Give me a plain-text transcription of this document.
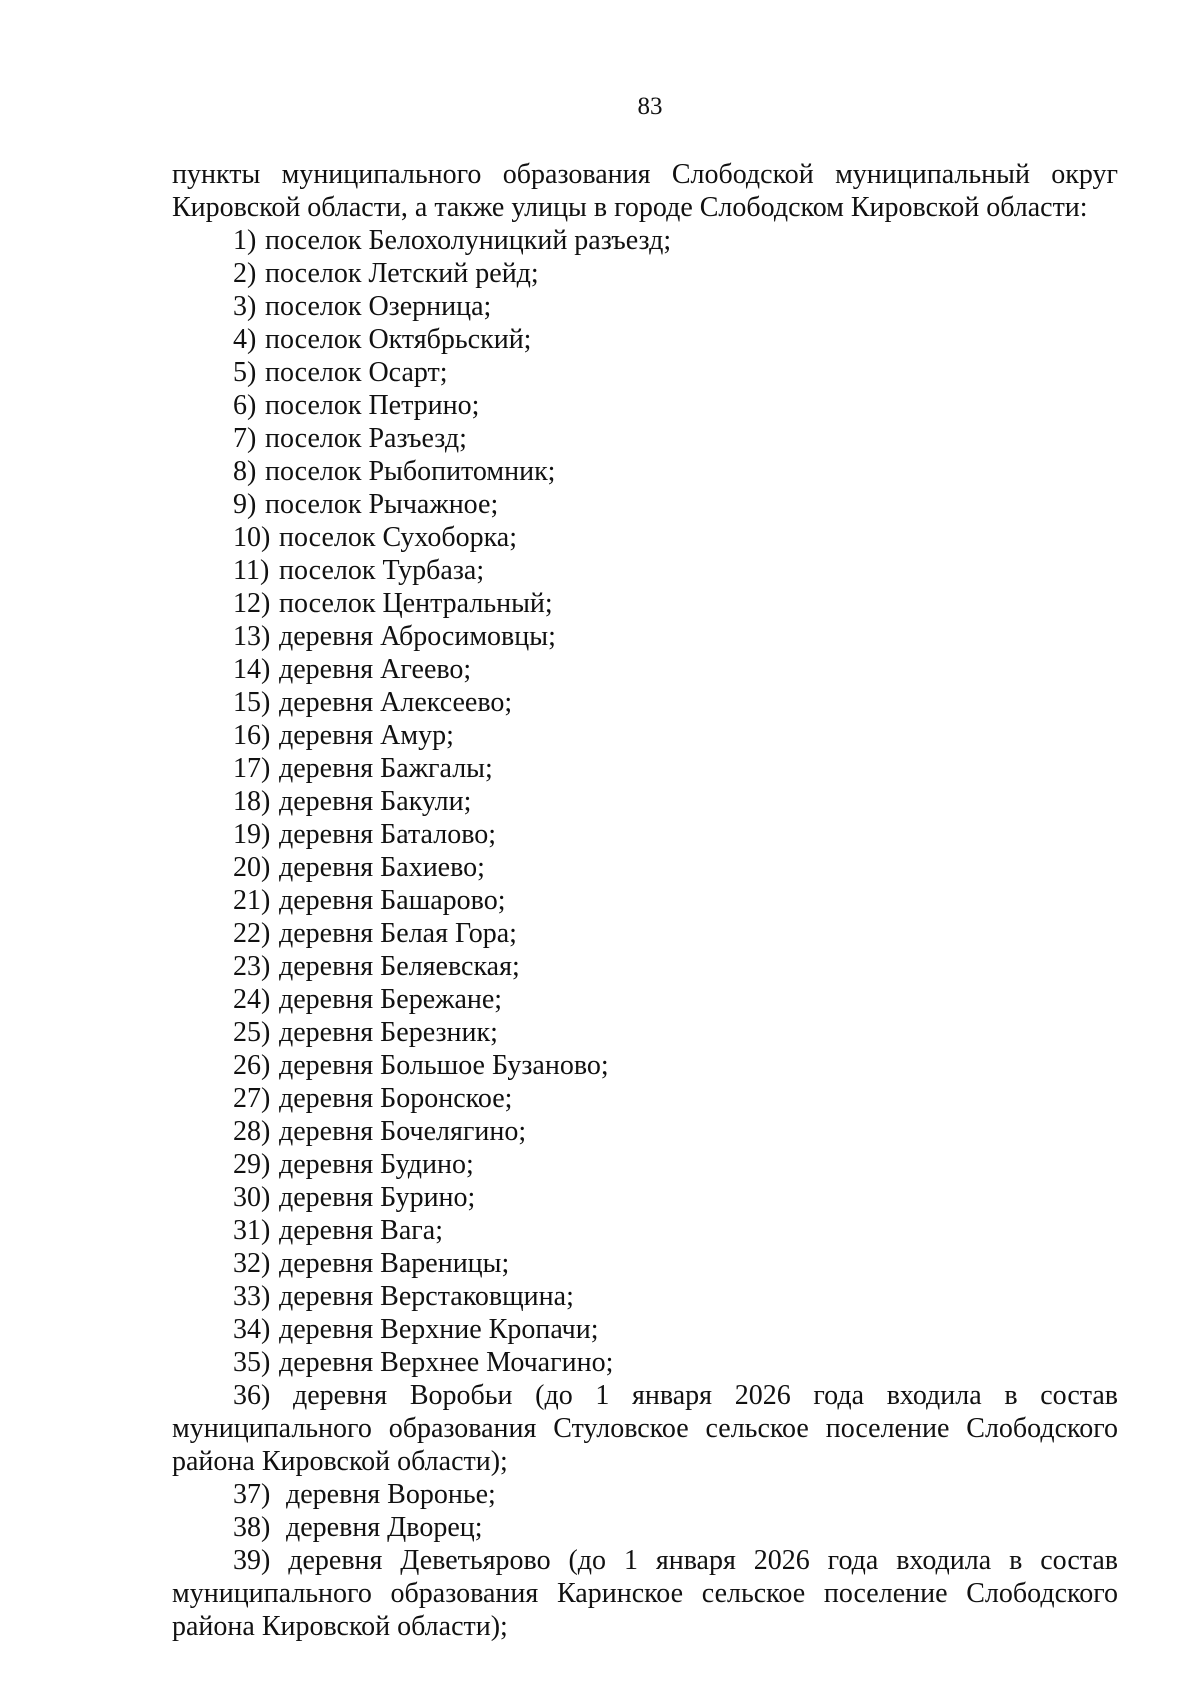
83
пункты муниципального образования Слободской муниципальный округ
Кировской области, а также улицы в городе Слободском Кировской области:
1) поселок Белохолуницкий разъезд;
2) поселок Летский рейд;
3) поселок Озерница;
4) поселок Октябрьский;
5) поселок Осарт;
6) поселок Петрино;
7) поселок Разъезд;
8) поселок Рыбопитомник;
9) поселок Рычажное;
10) поселок Сухоборка;
11) поселок Турбаза;
12) поселок Центральный;
13) деревня Абросимовцы;
14) деревня Агеево;
15) деревня Алексеево;
16) деревня Амур;
17) деревня Бажгалы;
18) деревня Бакули;
19) деревня Баталово;
20) деревня Бахиево;
21) деревня Башарово;
22) деревня Белая Гора;
23) деревня Беляевская;
24) деревня Бережане;
25) деревня Березник;
26) деревня Большое Бузаново;
27) деревня Боронское;
28) деревня Бочелягино;
29) деревня Будино;
30) деревня Бурино;
31) деревня Вага;
32) деревня Вареницы;
33) деревня Верстаковщина;
34) деревня Верхние Кропачи;
35) деревня Верхнее Мочагино;
36) деревня Воробьи (до 1 января 2026 года входила в состав
муниципального образования Стуловское сельское поселение Слободского
района Кировской области);
37) деревня Воронье;
38) деревня Дворец;
39) деревня Деветьярово (до 1 января 2026 года входила в состав
муниципального образования Каринское сельское поселение Слободского
района Кировской области);
